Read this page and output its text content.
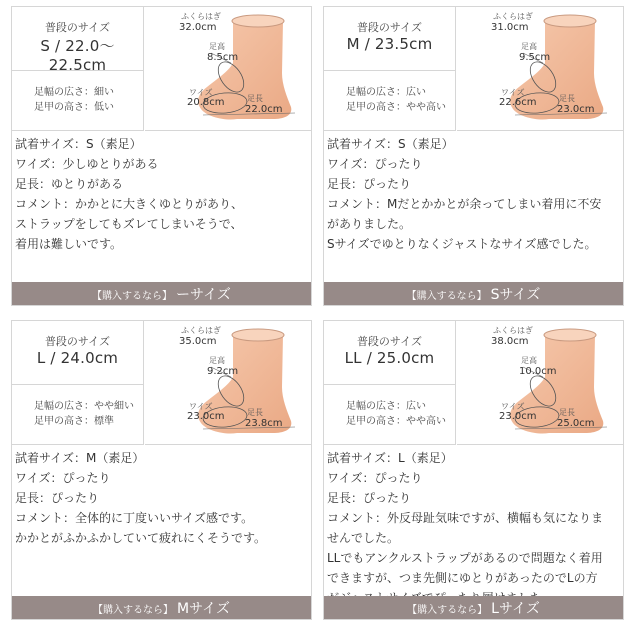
普段のサイズ
S / 22.0〜22.5cm
足幅の広さ：細い
足甲の高さ：低い
ふくらはぎ
32.0cm
足高
8.5cm
ワイズ
20.8cm	足長
22.0cm
試着サイズ：S（素足）
ワイズ：少しゆとりがある
足長：ゆとりがある
コメント：かかとに大きくゆとりがあり、
ストラップをしてもズレてしまいそうで、
着用は難しいです。
【購入するなら】 ーサイズ
普段のサイズ
M / 23.5cm
足幅の広さ：広い
足甲の高さ：やや高い
ふくらはぎ
31.0cm
足高
9.5cm
ワイズ
22.6cm	足長
23.0cm
試着サイズ：S（素足）
ワイズ：ぴったり
足長：ぴったり
コメント：Mだとかかとが余ってしまい着用に不安
がありました。
Sサイズでゆとりなくジャストなサイズ感でした。
【購入するなら】 Sサイズ
普段のサイズ
L / 24.0cm
足幅の広さ：やや細い
足甲の高さ：標準
ふくらはぎ
35.0cm
足高
9.2cm
ワイズ
23.0cm	足長
23.8cm
試着サイズ：M（素足）
ワイズ：ぴったり
足長：ぴったり
コメント：全体的に丁度いいサイズ感です。
かかとがふかふかしていて疲れにくそうです。
【購入するなら】 Mサイズ
普段のサイズ
LL / 25.0cm
足幅の広さ：広い
足甲の高さ：やや高い
ふくらはぎ
38.0cm
足高
10.0cm
ワイズ
23.0cm	足長
25.0cm
試着サイズ：L（素足）
ワイズ：ぴったり
足長：ぴったり
コメント：外反母趾気味ですが、横幅も気になりま
せんでした。
LLでもアンクルストラップがあるので問題なく着用
できますが、つま先側にゆとりがあったのでLの方
【購入するなら】 Lサイズ
